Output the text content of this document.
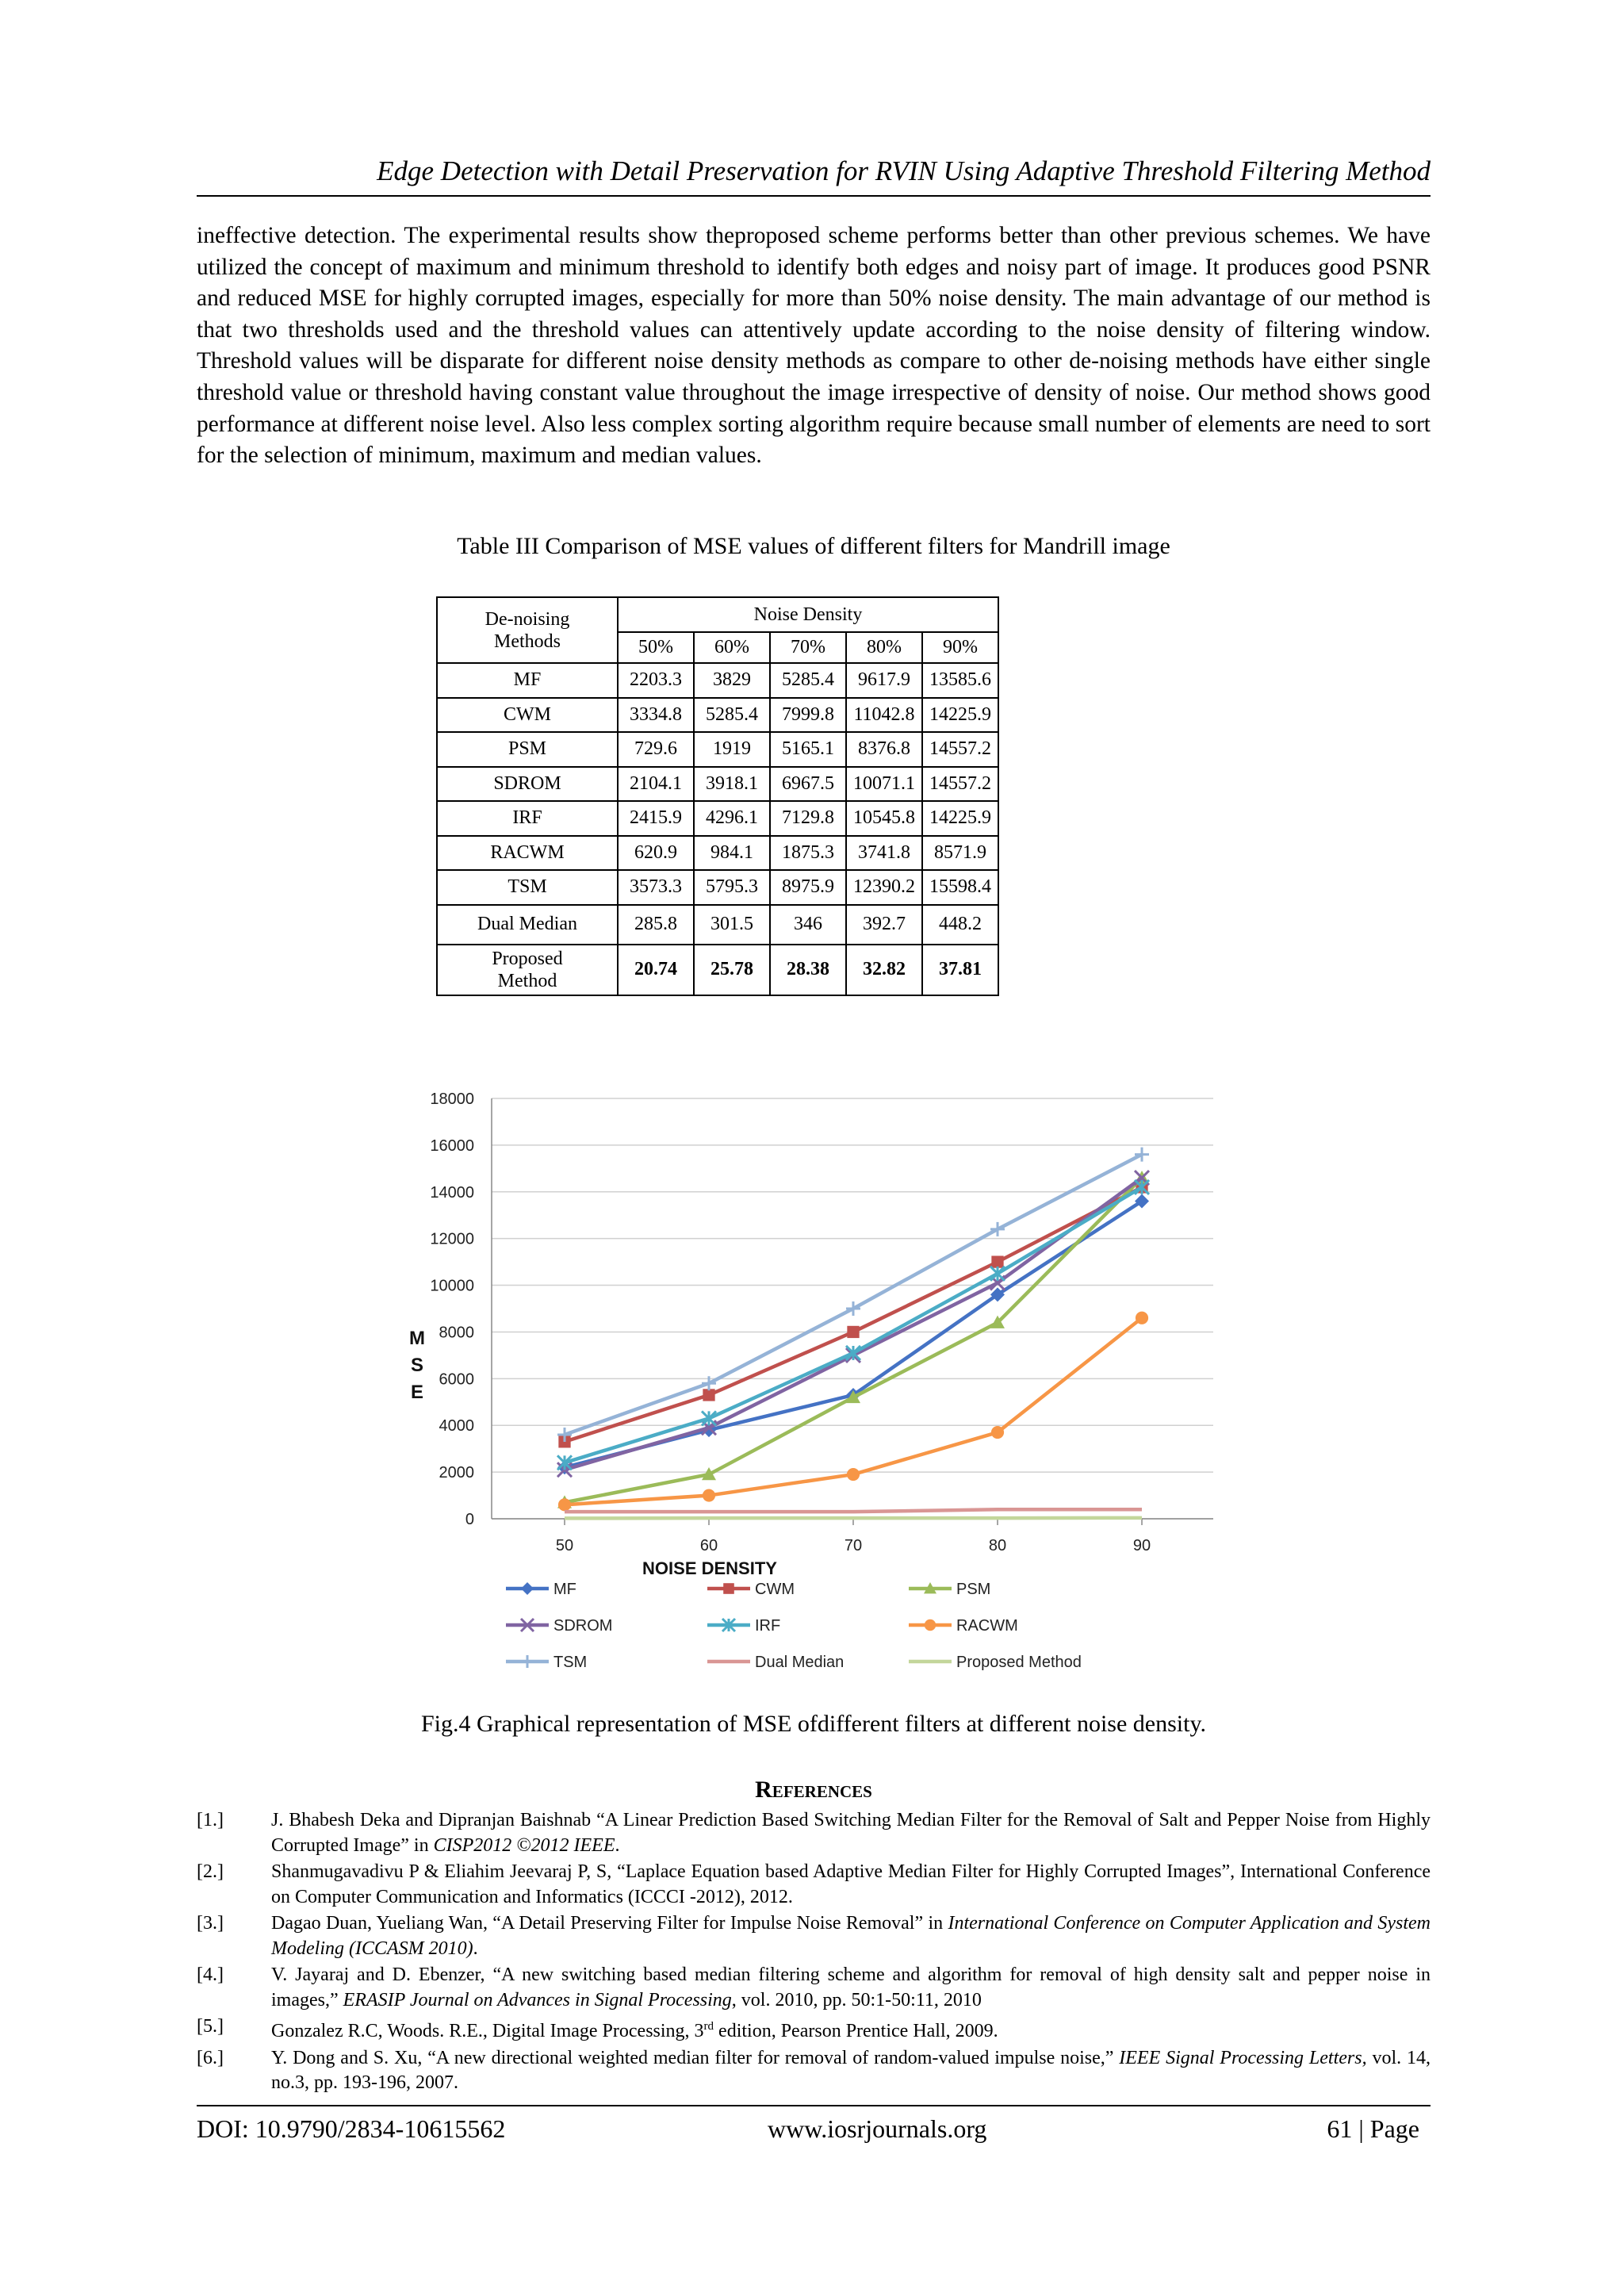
Edge Detection with Detail Preservation for RVIN Using Adaptive Threshold Filtering Method

ineffective detection. The experimental results show theproposed scheme performs better than other previous schemes. We have utilized the concept of maximum and minimum threshold to identify both edges and noisy part of image. It produces good PSNR and reduced MSE for highly corrupted images, especially for more than 50% noise density. The main advantage of our method is that two thresholds used and the threshold values can attentively update according to the noise density of filtering window. Threshold values will be disparate for different noise density methods as compare to other de-noising methods have either single threshold value or threshold having constant value throughout the image irrespective of density of noise. Our method shows good performance at different noise level. Also less complex sorting algorithm require because small number of elements are need to sort for the selection of minimum, maximum and median values.

Table III Comparison of MSE values of different filters for Mandrill image
De-noising
Methods	Noise Density				
	50%	60%	70%	80%	90%
MF	2203.3	3829	5285.4	9617.9	13585.6
CWM	3334.8	5285.4	7999.8	11042.8	14225.9
PSM	729.6	1919	5165.1	8376.8	14557.2
SDROM	2104.1	3918.1	6967.5	10071.1	14557.2
IRF	2415.9	4296.1	7129.8	10545.8	14225.9
RACWM	620.9	984.1	1875.3	3741.8	8571.9
TSM	3573.3	5795.3	8975.9	12390.2	15598.4
Dual Median	285.8	301.5	346	392.7	448.2

Proposed
Method	20.74	25.78	28.38	32.82	37.81
0
2000
4000
6000
8000
10000
12000
14000
16000
18000
50	60	70	80	90
NOISE DENSITY
M
S
E
MF	CWM	PSM
SDROM	IRF	RACWM
TSM	Dual Median	Proposed Method
Fig.4 Graphical representation of MSE ofdifferent filters at different noise density.
References
[1.]	J. Bhabesh Deka and Dipranjan Baishnab “A Linear Prediction Based Switching Median Filter for the Removal of Salt and Pepper Noise from Highly Corrupted Image” in CISP2012 ©2012 IEEE.
[2.]	Shanmugavadivu P & Eliahim Jeevaraj P, S, “Laplace Equation based Adaptive Median Filter for Highly Corrupted Images”, International Conference on Computer Communication and Informatics (ICCCI -2012), 2012.
[3.]	Dagao Duan, Yueliang Wan, “A Detail Preserving Filter for Impulse Noise Removal” in International Conference on Computer Application and System Modeling (ICCASM 2010).
[4.]	V. Jayaraj and D. Ebenzer, “A new switching based median filtering scheme and algorithm for removal of high density salt and pepper noise in images,” ERASIP Journal on Advances in Signal Processing, vol. 2010, pp. 50:1-50:11, 2010
[5.]	Gonzalez R.C, Woods. R.E., Digital Image Processing, 3rd edition, Pearson Prentice Hall, 2009.
[6.]	Y. Dong and S. Xu, “A new directional weighted median filter for removal of random-valued impulse noise,” IEEE Signal Processing Letters, vol. 14, no.3, pp. 193-196, 2007.
DOI: 10.9790/2834-10615562	www.iosrjournals.org	61 | Page
